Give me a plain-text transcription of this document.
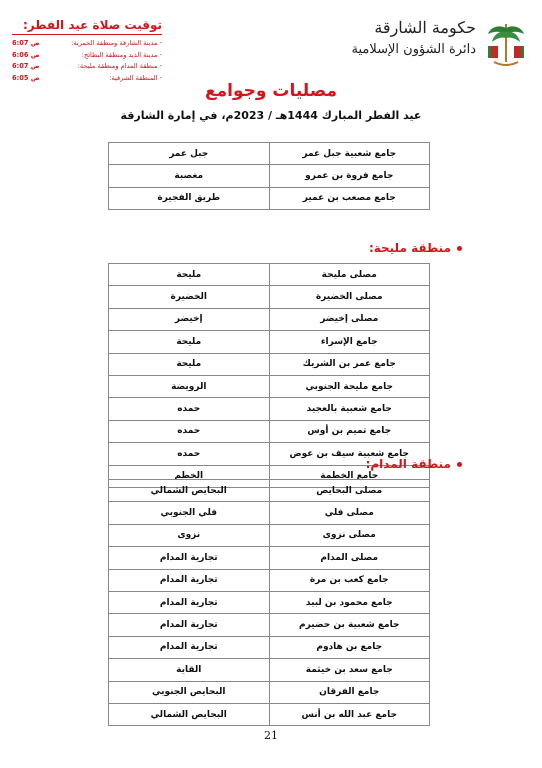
حكومة الشارقة
دائرة الشؤون الإسلامية
توقيت صلاة عيد الفطر:
- مدينة الشارقة ومنطقة الحمرية:
6:07 ص
- مدينة الذيد ومنطقة البطائح:
6:06 ص
- منطقة المدام ومنطقة مليحة:
6:07 ص
- المنطقة الشرقية:
6:05 ص
مصليات وجوامع
عيد الفطر المبارك 1444هـ / 2023م، في إمارة الشارقة
جامع شعبية جبل عمر	جبل عمر
جامع فروة بن عمرو	مغصبة
جامع مصعب بن عمير	طريق الفجيرة
منطقة مليحة:
مصلى مليحة	مليحة
مصلى الخضيرة	الخضيرة
مصلى إخيضر	إخيضر
جامع الإسراء	مليحة
جامع عمر بن الشريك	مليحة
جامع مليحة الجنوبي	الرويضة
جامع شعبية بالعجيد	حمده
جامع تميم بن أوس	حمده
جامع شعبية سيف بن عوض	حمده
جامع الخطمة	الخطم
منطقة المدام:
مصلى البحايص	البحايص الشمالي
مصلى فلي	فلي الجنوبي
مصلى نزوى	نزوى
مصلى المدام	تجارية المدام
جامع كعب بن مرة	تجارية المدام
جامع محمود بن لبيد	تجارية المدام
جامع شعبية بن حضيرم	تجارية المدام
جامع بن هادوم	تجارية المدام
جامع سعد بن خيثمة	القاية
جامع الفرقان	البحايص الجنوبي
جامع عبد الله بن أنس	البحايص الشمالي
21
